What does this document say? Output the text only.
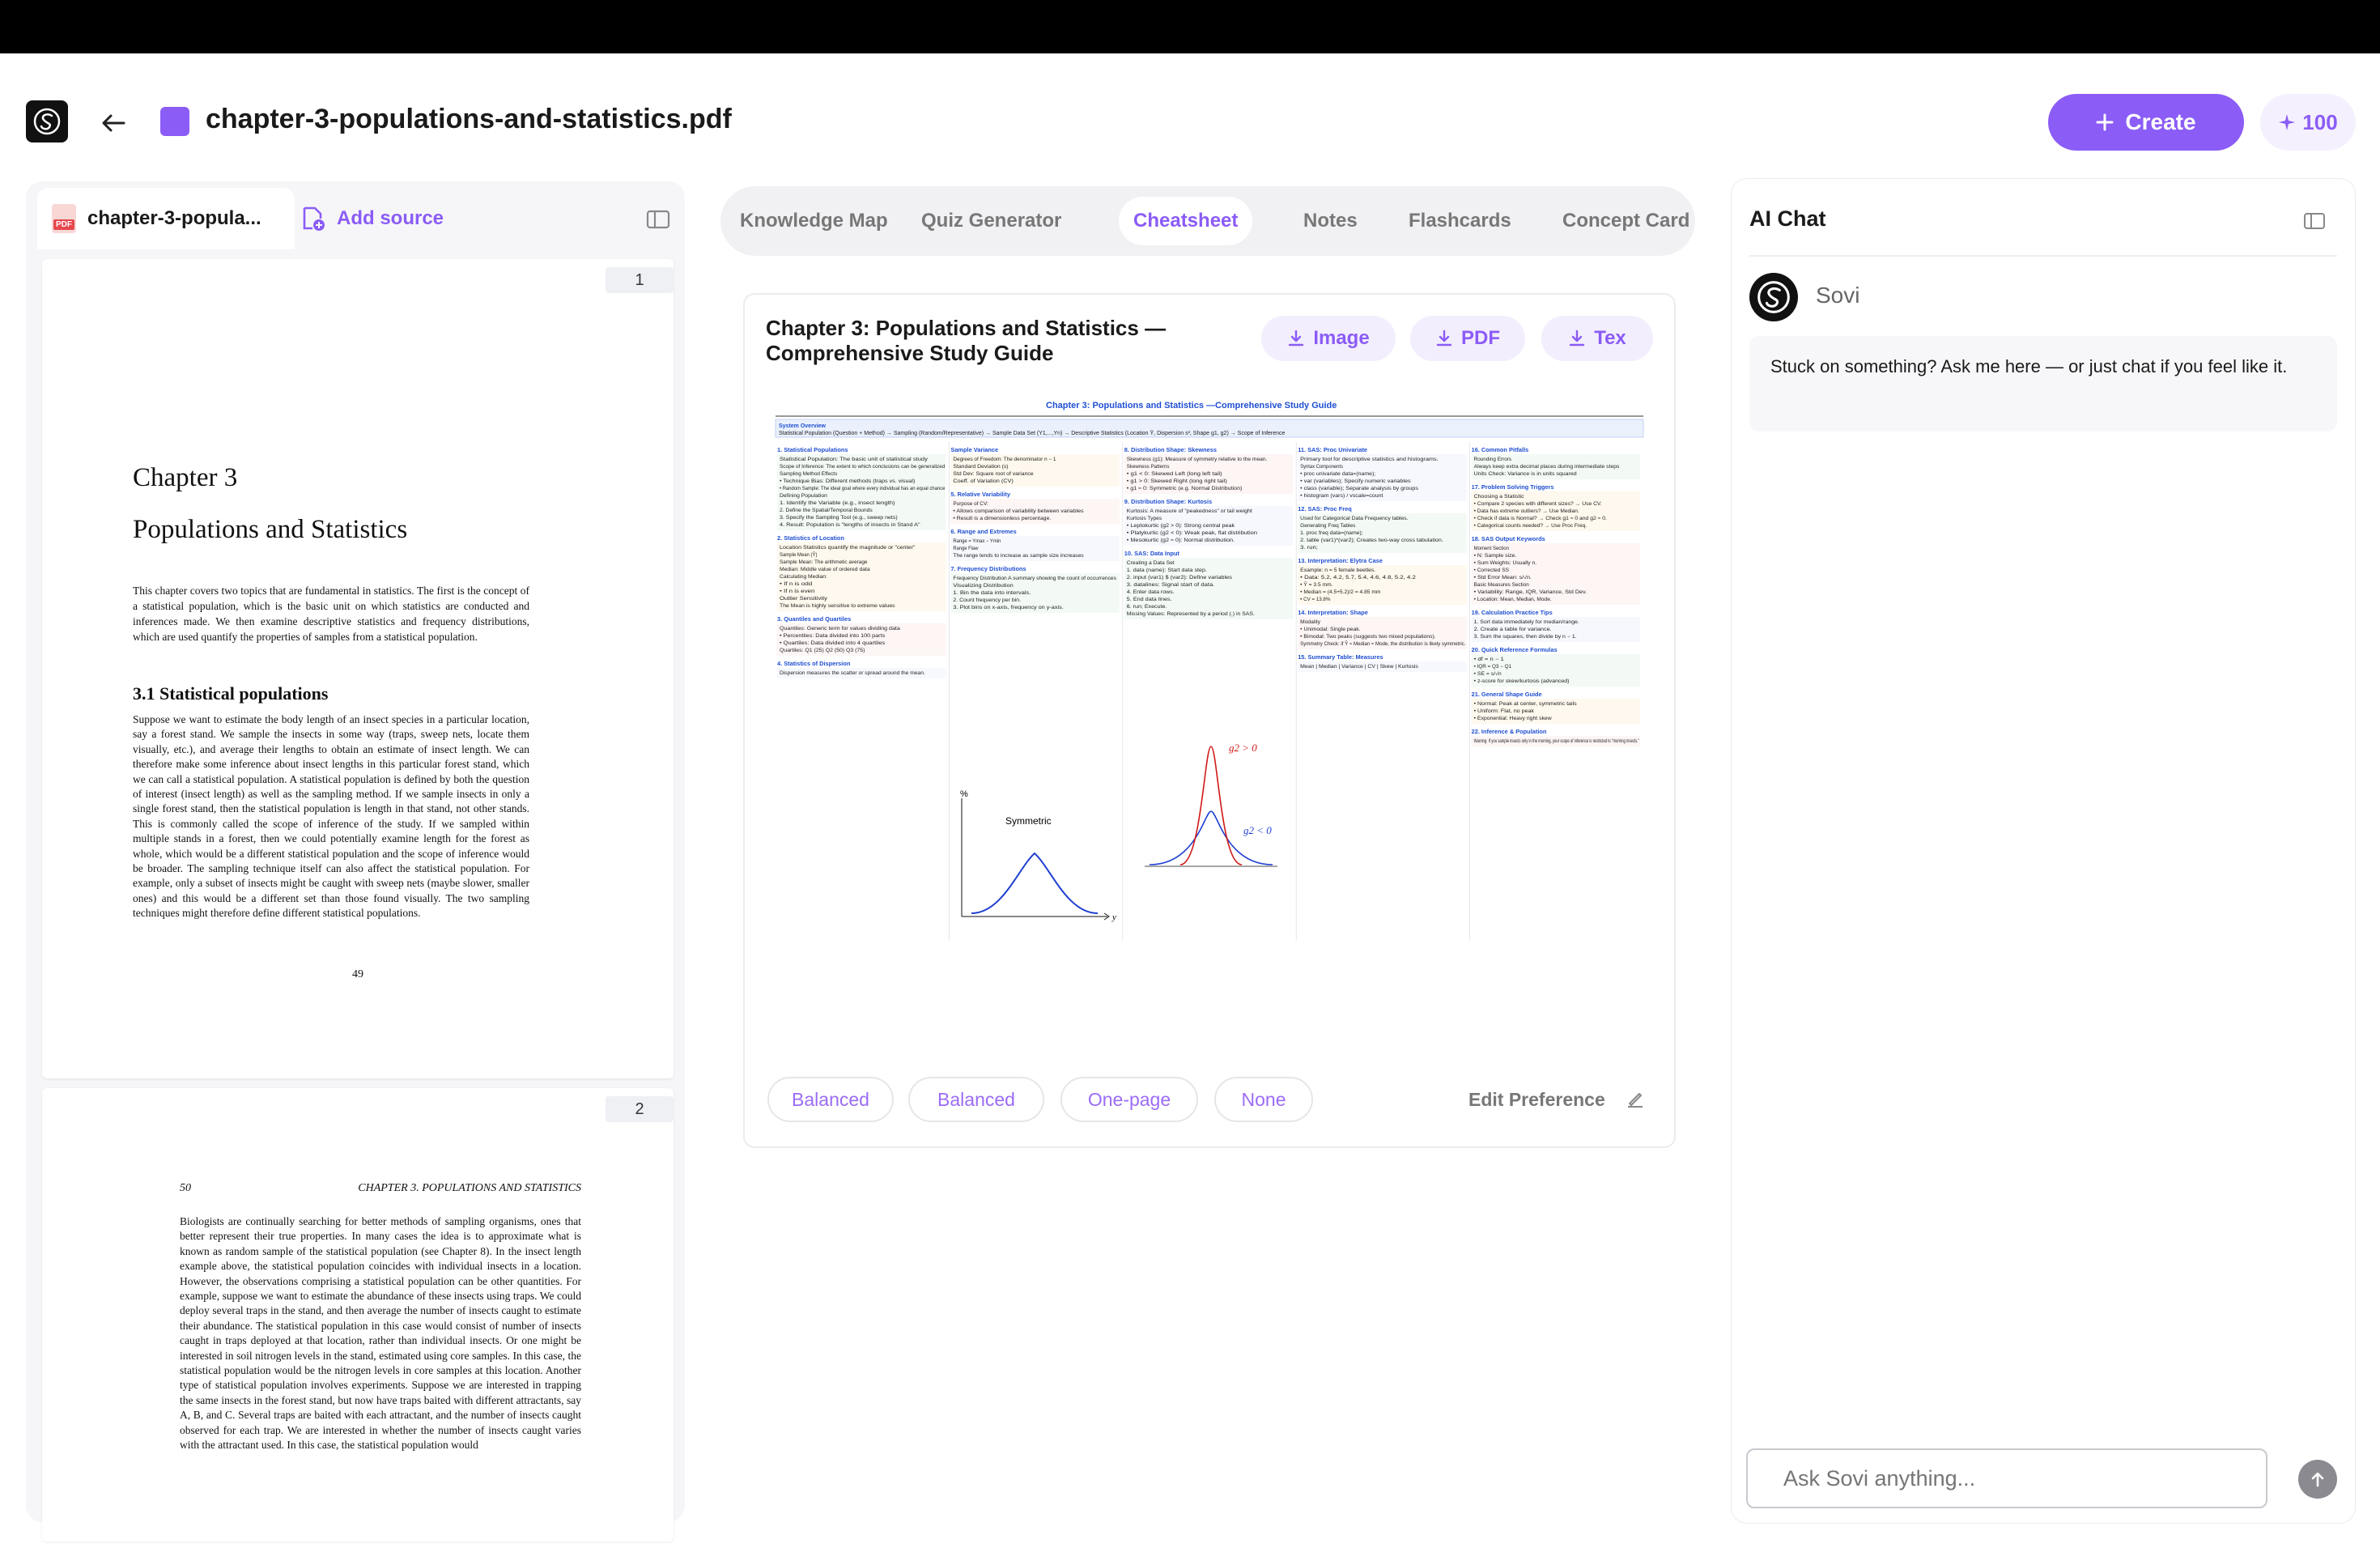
chapter-3-populations-and-statistics.pdf	Create	100
PDF chapter-3-popula...	Add source
1
Chapter 3
Populations and Statistics
This chapter covers two topics that are fundamental in statistics. The first is the concept of a statistical population, which is the basic unit on which statistics are conducted and inferences made. We then examine descriptive statistics and frequency distributions, which are used quantify the properties of samples from a statistical population.
3.1 Statistical populations
Suppose we want to estimate the body length of an insect species in a particular location, say a forest stand. We sample the insects in some way (traps, sweep nets, locate them visually, etc.), and average their lengths to obtain an estimate of insect length. We can therefore make some inference about insect lengths in this particular forest stand, which we can call a statistical population. A statistical population is defined by both the question of interest (insect length) as well as the sampling method. If we sample insects in only a single forest stand, then the statistical population is length in that stand, not other stands. This is commonly called the scope of inference of the study. If we sampled within multiple stands in a forest, then we could potentially examine length for the forest as whole, which would be a different statistical population and the scope of inference would be broader. The sampling technique itself can also affect the statistical population. For example, only a subset of insects might be caught with sweep nets (maybe slower, smaller ones) and this would be a different set than those found visually. The two sampling techniques might therefore define different statistical populations.
49
2
50	CHAPTER 3. POPULATIONS AND STATISTICS
Biologists are continually searching for better methods of sampling organisms, ones that better represent their true properties. In many cases the idea is to approximate what is known as random sample of the statistical population (see Chapter 8). In the insect length example above, the statistical population coincides with individual insects in a location. However, the observations comprising a statistical population can be other quantities. For example, suppose we want to estimate the abundance of these insects using traps. We could deploy several traps in the stand, and then average the number of insects caught to estimate their abundance. The statistical population in this case would consist of number of insects caught in traps deployed at that location, rather than individual insects. Or one might be interested in soil nitrogen levels in the stand, estimated using core samples. In this case, the statistical population would be the nitrogen levels in core samples at this location. Another type of statistical population involves experiments. Suppose we are interested in trapping the same insects in the forest stand, but now have traps baited with different attractants, say A, B, and C. Several traps are baited with each attractant, and the number of insects caught observed for each trap. We are interested in whether the number of insects caught varies with the attractant used. In this case, the statistical population would
Knowledge Map	Quiz Generator	Cheatsheet	Notes	Flashcards	Concept Card
Chapter 3: Populations and Statistics — Comprehensive Study Guide
Image	PDF	Tex
Chapter 3: Populations and Statistics —Comprehensive Study Guide
System Overview
Statistical Population (Question + Method) → Sampling (Random/Representative) → Sample Data Set (Y1,...,Yn) → Descriptive Statistics (Location Ȳ, Dispersion s², Shape g1, g2) → Scope of Inference
1. Statistical Populations
Statistical Population: The basic unit of statistical study
Scope of Inference: The extent to which conclusions can be generalized
Sampling Method Effects
• Technique Bias: Different methods (traps vs. visual)
• Random Sample: The ideal goal where every individual has an equal chance
Defining Population
1. Identify the Variable (e.g., insect length)
2. Define the Spatial/Temporal Bounds
3. Specify the Sampling Tool (e.g., sweep nets)
4. Result: Population is "lengths of insects in Stand A"
2. Statistics of Location
Location Statistics quantify the magnitude or "center"
Sample Mean (Ȳ)
Sample Mean: The arithmetic average
Median: Middle value of ordered data
Calculating Median:
• If n is odd
• If n is even
Outlier Sensitivity
The Mean is highly sensitive to extreme values
3. Quantiles and Quartiles
Quantiles: Generic term for values dividing data
• Percentiles: Data divided into 100 parts
• Quartiles: Data divided into 4 quartiles
Quartiles: Q1 (25) Q2 (50) Q3 (75)
4. Statistics of Dispersion
Dispersion measures the scatter or spread around the mean.
Sample Variance
Degrees of Freedom: The denominator n − 1
Standard Deviation (s)
Std Dev: Square root of variance
Coeff. of Variation (CV)
5. Relative Variability
Purpose of CV:
• Allows comparison of variability between variables
• Result is a dimensionless percentage.
6. Range and Extremes
Range = Ymax − Ymin
Range Flaw
The range tends to increase as sample size increases
7. Frequency Distributions
Frequency Distribution A summary showing the count of occurrences
Visualizing Distribution
1. Bin the data into intervals.
2. Count frequency per bin.
3. Plot bins on x-axis, frequency on y-axis.
8. Distribution Shape: Skewness
Skewness (g1): Measure of symmetry relative to the mean.
Skewness Patterns
• g1 < 0: Skewed Left (long left tail)
• g1 > 0: Skewed Right (long right tail)
• g1 ≈ 0: Symmetric (e.g. Normal Distribution)
9. Distribution Shape: Kurtosis
Kurtosis: A measure of "peakedness" or tail weight
Kurtosis Types
• Leptokurtic (g2 > 0): Strong central peak
• Platykurtic (g2 < 0): Weak peak, flat distribution
• Mesokurtic (g2 ≈ 0): Normal distribution.
10. SAS: Data Input
Creating a Data Set
1. data (name): Start data step.
2. input (var1) $ (var2): Define variables
3. datalines: Signal start of data.
4. Enter data rows.
5. End data lines.
6. run; Execute.
Missing Values: Represented by a period (.) in SAS.
11. SAS: Proc Univariate
Primary tool for descriptive statistics and histograms.
Syntax Components
• proc univariate data=(name);
• var (variables); Specify numeric variables
• class (variable); Separate analysis by groups
• histogram (vars) / vscale=count
12. SAS: Proc Freq
Used for Categorical Data Frequency tables.
Generating Freq Tables
1. proc freq data=(name);
2. table (var1)*(var2); Creates two-way cross tabulation.
3. run;
13. Interpretation: Elytra Case
Example: n = 5 female beetles.
• Data: 5.2, 4.2, 5.7, 5.4, 4.6, 4.8, 5.2, 4.2
• Ȳ = 3.5 mm.
• Median = (4.5+5.2)/2 = 4.85 mm
• CV = 13.8%
14. Interpretation: Shape
Modality
• Unimodal: Single peak.
• Bimodal: Two peaks (suggests two mixed populations).
Symmetry Check: if Ȳ ≈ Median ≈ Mode, the distribution is likely symmetric.
15. Summary Table: Measures
Mean | Median | Variance | CV | Skew | Kurtosis
16. Common Pitfalls
Rounding Errors
Always keep extra decimal places during intermediate steps
Units Check: Variance is in units squared
17. Problem Solving Triggers
Choosing a Statistic
• Compare 2 species with different sizes? → Use CV.
• Data has extreme outliers? → Use Median.
• Check if data is Normal? → Check g1 ≈ 0 and g2 ≈ 0.
• Categorical counts needed? → Use Proc Freq.
18. SAS Output Keywords
Moment Section
• N: Sample size.
• Sum Weights: Usually n.
• Corrected SS
• Std Error Mean: s/√n.
Basic Measures Section
• Variability: Range, IQR, Variance, Std Dev.
• Location: Mean, Median, Mode.
19. Calculation Practice Tips
1. Sort data immediately for median/range.
2. Create a table for variance.
3. Sum the squares, then divide by n − 1.
20. Quick Reference Formulas
• df = n − 1
• IQR = Q3 − Q1
• SE = s/√n
• z-score for skew/kurtosis (advanced)
21. General Shape Guide
• Normal: Peak at center, symmetric tails
• Uniform: Flat, no peak
• Exponential: Heavy right skew
22. Inference & Population
Warning: If you sample insects only in the morning, your scope of inference is restricted to "morning insects."
%
y
Symmetric
g2 > 0
g2 < 0
Balanced	Balanced	One-page	None	Edit Preference
AI Chat
Sovi
Stuck on something? Ask me here — or just chat if you feel like it.
Ask Sovi anything...
